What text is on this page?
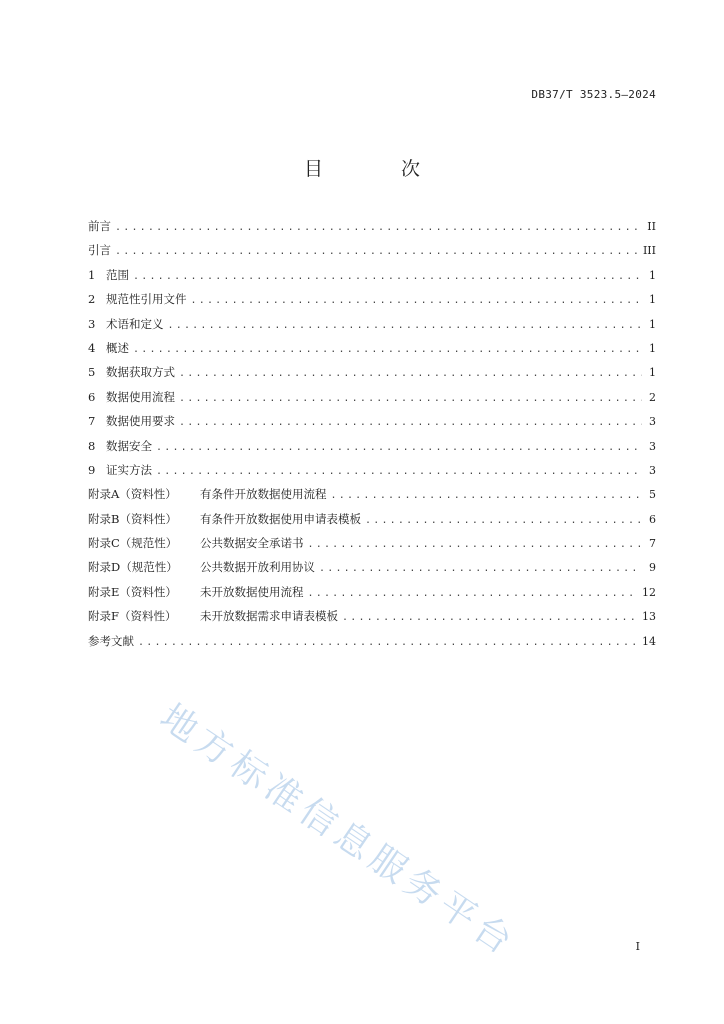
DB37/T 3523.5—2024
目 次
前言 .....	II
引言 .....	III
1 范围 .....	1
2 规范性引用文件 .....	1
3 术语和定义 .....	1
4 概述 .....	1
5 数据获取方式 .....	1
6 数据使用流程 .....	2
7 数据使用要求 .....	3
8 数据安全 .....	3
9 证实方法 .....	3
附录A（资料性） 有条件开放数据使用流程 .....	5
附录B（资料性） 有条件开放数据使用申请表模板 .....	6
附录C（规范性） 公共数据安全承诺书 .....	7
附录D（规范性） 公共数据开放利用协议 .....	9
附录E（资料性） 未开放数据使用流程 .....	12
附录F（资料性） 未开放数据需求申请表模板 .....	13
参考文献 .....	14
地方标准信息服务平台	I
